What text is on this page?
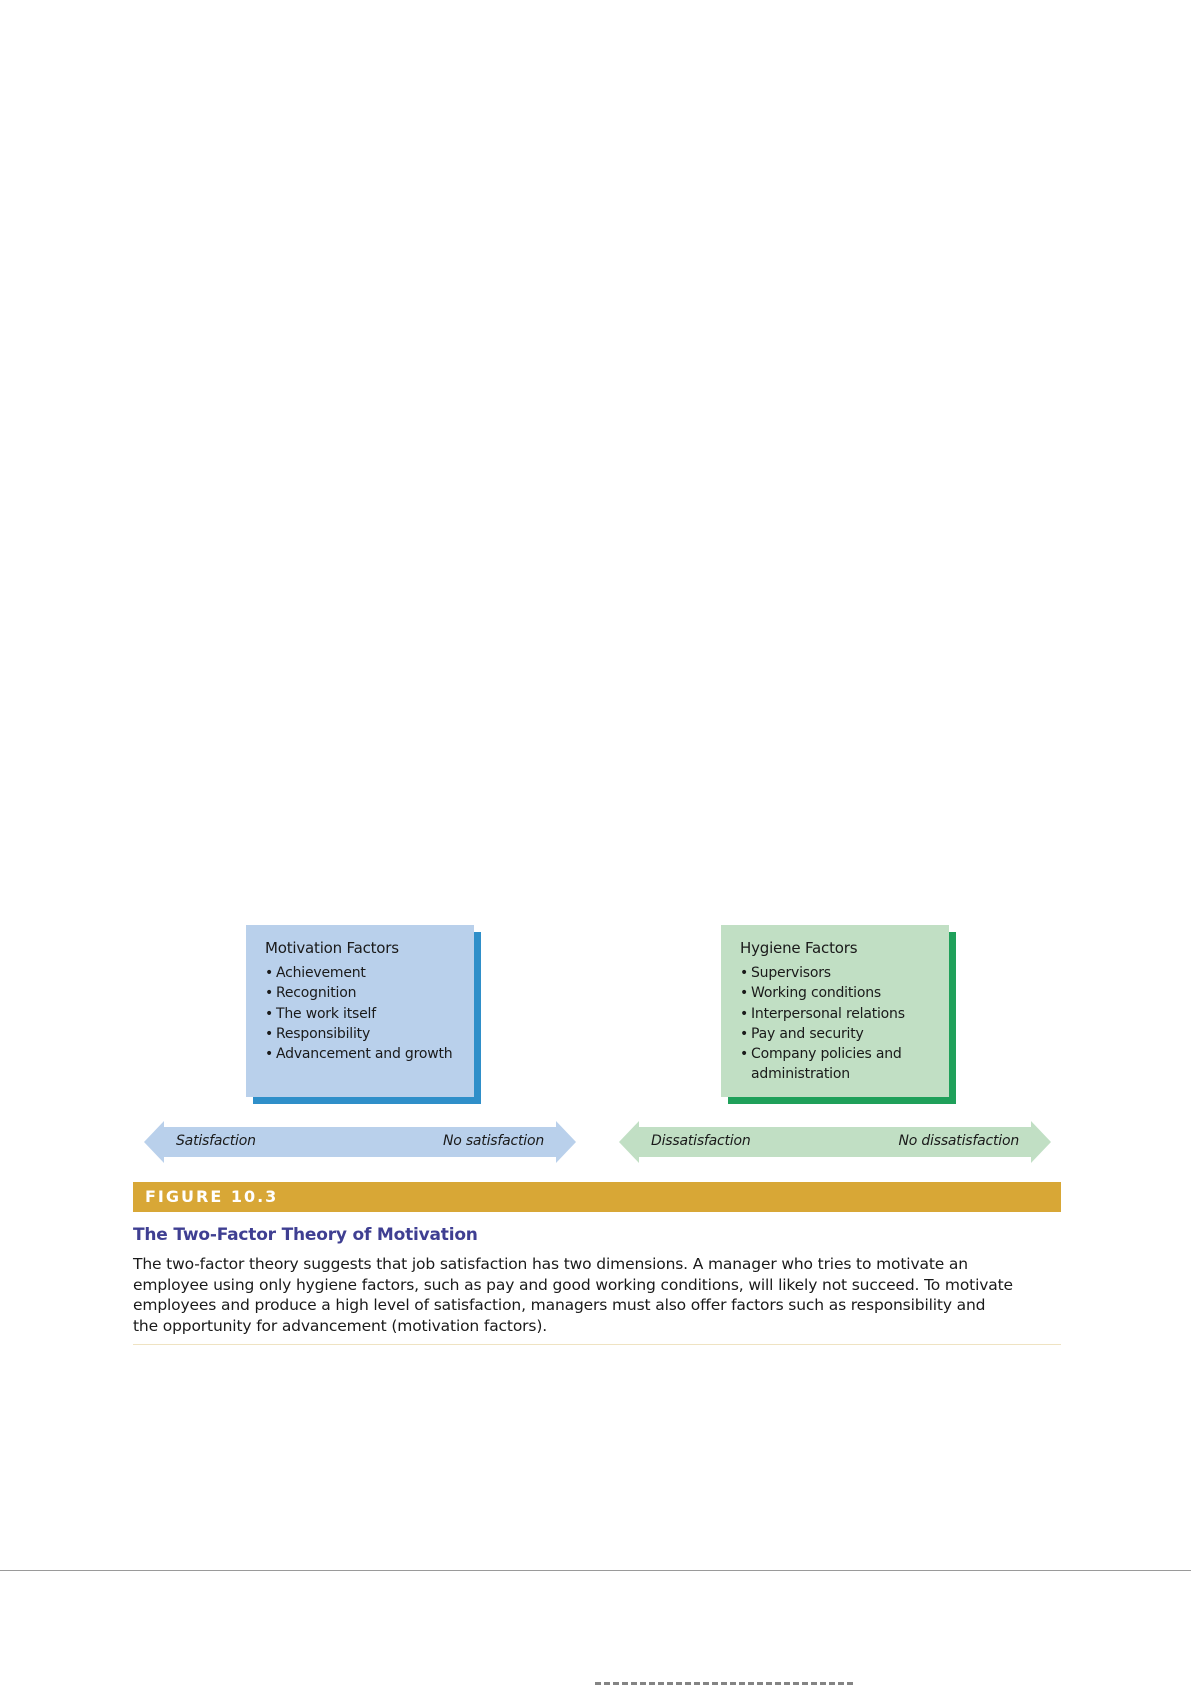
Motivation Factors
• Achievement
• Recognition
• The work itself
• Responsibility
• Advancement and growth
Hygiene Factors
• Supervisors
• Working conditions
• Interpersonal relations
• Pay and security
• Company policies and administration
Satisfaction	No satisfaction	Dissatisfaction	No dissatisfaction
FIGURE 10.3
The Two-Factor Theory of Motivation

The two-factor theory suggests that job satisfaction has two dimensions. A manager who tries to motivate an employee using only hygiene factors, such as pay and good working conditions, will likely not succeed. To motivate employees and produce a high level of satisfaction, managers must also offer factors such as responsibility and the opportunity for advancement (motivation factors).
